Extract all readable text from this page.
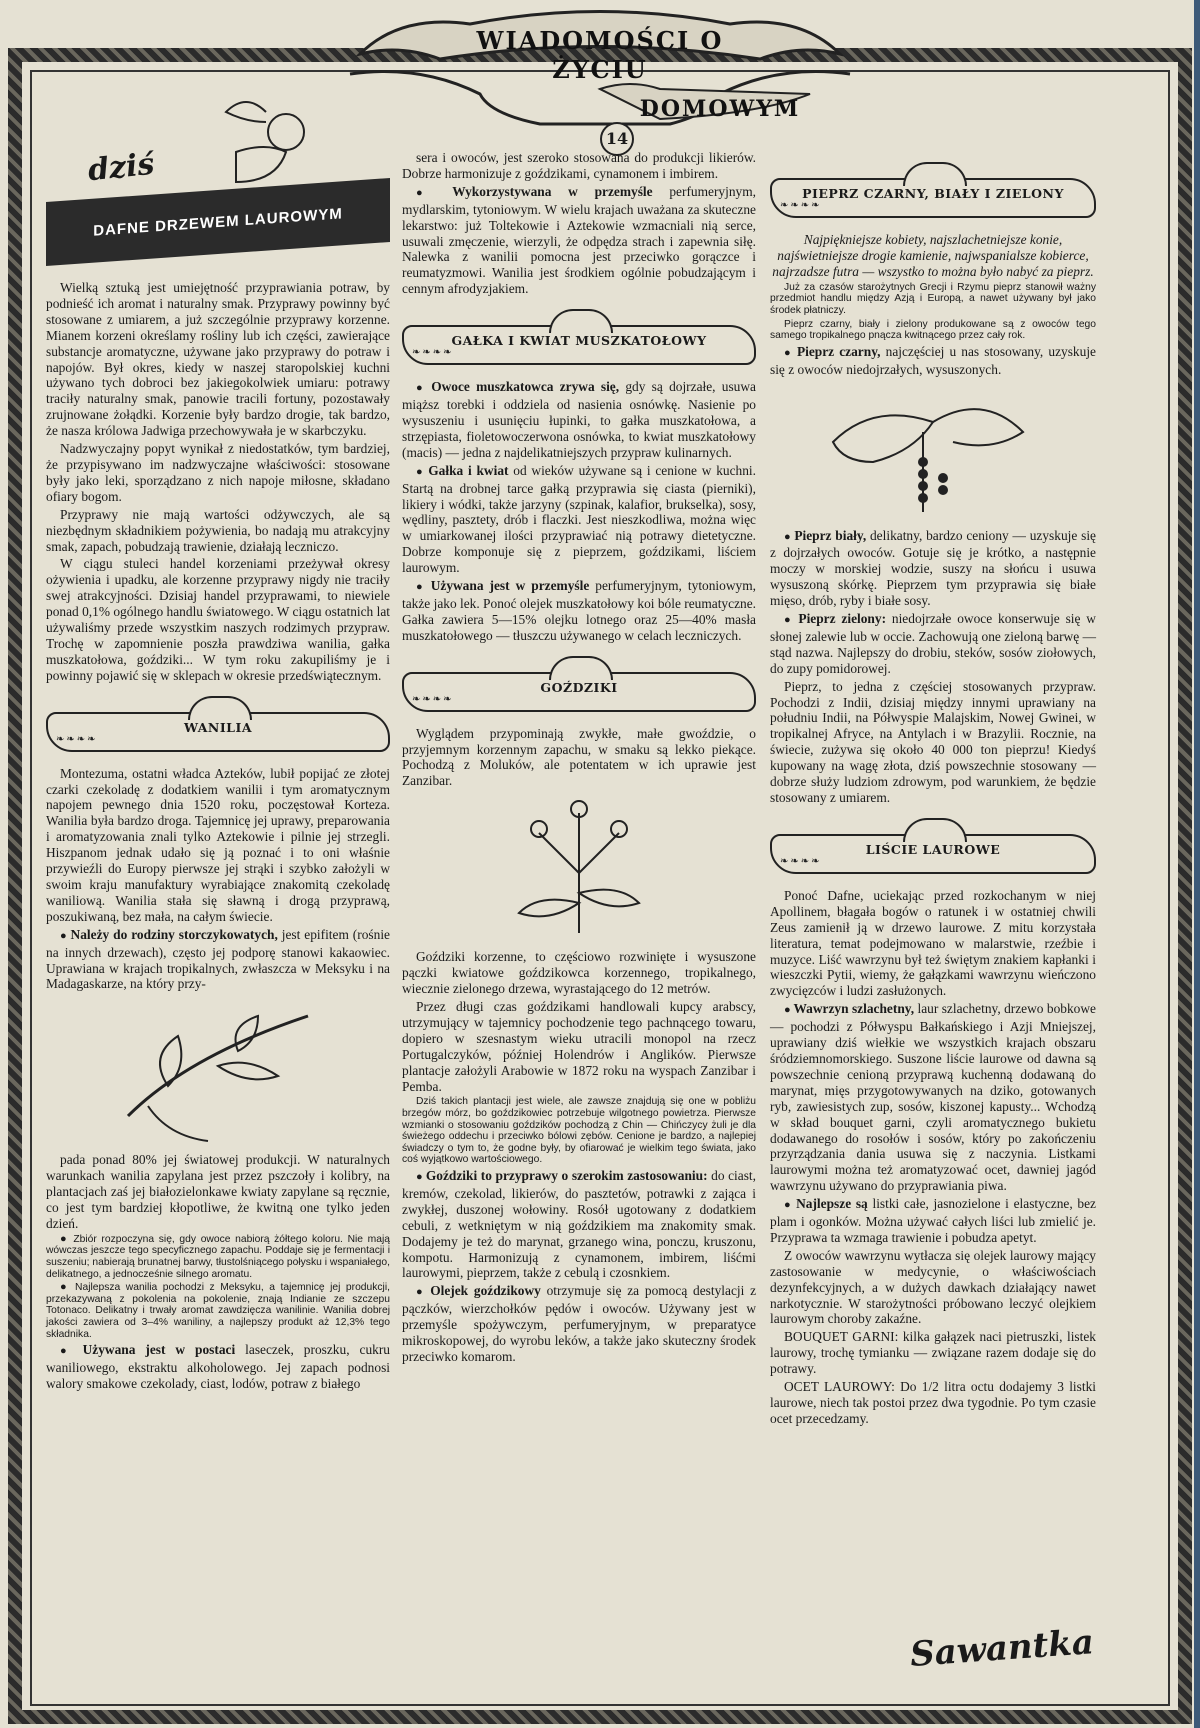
WIADOMOŚCI O ŻYCIU
DOMOWYM
14
dziś
DAFNE DRZEWEM LAUROWYM

Wielką sztuką jest umiejętność przyprawiania potraw, by podnieść ich aromat i naturalny smak. Przyprawy powinny być stosowane z umiarem, a już szczególnie przyprawy korzenne. Mianem korzeni określamy rośliny lub ich części, zawierające substancje aromatyczne, używane jako przyprawy do potraw i napojów. Był okres, kiedy w naszej staropolskiej kuchni używano tych dobroci bez jakiegokolwiek umiaru: potrawy traciły naturalny smak, panowie tracili fortuny, pozostawały zrujnowane żołądki. Korzenie były bardzo drogie, tak bardzo, że nasza królowa Jadwiga przechowywała je w skarbczyku.

Nadzwyczajny popyt wynikał z niedostatków, tym bardziej, że przypisywano im nadzwyczajne właściwości: stosowane były jako leki, sporządzano z nich napoje miłosne, składano ofiary bogom.

Przyprawy nie mają wartości odżywczych, ale są niezbędnym składnikiem pożywienia, bo nadają mu atrakcyjny smak, zapach, pobudzają trawienie, działają leczniczo.

W ciągu stuleci handel korzeniami przeżywał okresy ożywienia i upadku, ale korzenne przyprawy nigdy nie traciły swej atrakcyjności. Dzisiaj handel przyprawami, to niewiele ponad 0,1% ogólnego handlu światowego. W ciągu ostatnich lat używaliśmy przede wszystkim naszych rodzimych przypraw. Trochę w zapomnienie poszła prawdziwa wanilia, gałka muszkatołowa, goździki... W tym roku zakupiliśmy je i powinny pojawić się w sklepach w okresie przedświątecznym.

WANILIA
❧❧❧❧

Montezuma, ostatni władca Azteków, lubił popijać ze złotej czarki czekoladę z dodatkiem wanilii i tym aromatycznym napojem pewnego dnia 1520 roku, poczęstował Korteza. Wanilia była bardzo droga. Tajemnicę jej uprawy, preparowania i aromatyzowania znali tylko Aztekowie i pilnie jej strzegli. Hiszpanom jednak udało się ją poznać i to oni właśnie przywieźli do Europy pierwsze jej strąki i szybko założyli w swoim kraju manufaktury wyrabiające znakomitą czekoladę waniliową. Wanilia stała się sławną i drogą przyprawą, poszukiwaną, bez mała, na całym świecie.

● Należy do rodziny storczykowatych, jest epifitem (rośnie na innych drzewach), często jej podporę stanowi kakaowiec. Uprawiana w krajach tropikalnych, zwłaszcza w Meksyku i na Madagaskarze, na który przy-

pada ponad 80% jej światowej produkcji. W naturalnych warunkach wanilia zapylana jest przez pszczoły i kolibry, na plantacjach zaś jej białozielonkawe kwiaty zapylane są ręcznie, co jest tym bardziej kłopotliwe, że kwitną one tylko jeden dzień.

● Zbiór rozpoczyna się, gdy owoce nabiorą żółtego koloru. Nie mają wówczas jeszcze tego specyficznego zapachu. Poddaje się je fermentacji i suszeniu; nabierają brunatnej barwy, tłustolśniącego połysku i wspaniałego, delikatnego, a jednocześnie silnego aromatu.

● Najlepsza wanilia pochodzi z Meksyku, a tajemnicę jej produkcji, przekazywaną z pokolenia na pokolenie, znają Indianie ze szczepu Totonaco. Delikatny i trwały aromat zawdzięcza wanilinie. Wanilia dobrej jakości zawiera od 3–4% waniliny, a najlepszy produkt aż 12,3% tego składnika.

● Używana jest w postaci laseczek, proszku, cukru waniliowego, ekstraktu alkoholowego. Jej zapach podnosi walory smakowe czekolady, ciast, lodów, potraw z białego

sera i owoców, jest szeroko stosowana do produkcji likierów. Dobrze harmonizuje z goździkami, cynamonem i imbirem.

● Wykorzystywana w przemyśle perfumeryjnym, mydlarskim, tytoniowym. W wielu krajach uważana za skuteczne lekarstwo: już Toltekowie i Aztekowie wzmacniali nią serce, usuwali zmęczenie, wierzyli, że odpędza strach i zapewnia siłę. Nalewka z wanilii pomocna jest przeciwko gorączce i reumatyzmowi. Wanilia jest środkiem ogólnie pobudzającym i cennym afrodyzjakiem.

GAŁKA I KWIAT MUSZKATOŁOWY
❧❧❧❧

● Owoce muszkatowca zrywa się, gdy są dojrzałe, usuwa miąższ torebki i oddziela od nasienia osnówkę. Nasienie po wysuszeniu i usunięciu łupinki, to gałka muszkatołowa, a strzępiasta, fioletowoczerwona osnówka, to kwiat muszkatołowy (macis) — jedna z najdelikatniejszych przypraw kulinarnych.

● Gałka i kwiat od wieków używane są i cenione w kuchni. Startą na drobnej tarce gałką przyprawia się ciasta (pierniki), likiery i wódki, także jarzyny (szpinak, kalafior, brukselka), sosy, wędliny, pasztety, drób i flaczki. Jest nieszkodliwa, można więc w umiarkowanej ilości przyprawiać nią potrawy dietetyczne. Dobrze komponuje się z pieprzem, goździkami, liściem laurowym.

● Używana jest w przemyśle perfumeryjnym, tytoniowym, także jako lek. Ponoć olejek muszkatołowy koi bóle reumatyczne. Gałka zawiera 5—15% olejku lotnego oraz 25—40% masła muszkatołowego — tłuszczu używanego w celach leczniczych.

GOŹDZIKI
❧❧❧❧

Wyglądem przypominają zwykłe, małe gwoździe, o przyjemnym korzennym zapachu, w smaku są lekko piekące. Pochodzą z Moluków, ale potentatem w ich uprawie jest Zanzibar.

Goździki korzenne, to częściowo rozwinięte i wysuszone pączki kwiatowe goździkowca korzennego, tropikalnego, wiecznie zielonego drzewa, wyrastającego do 12 metrów.

Przez długi czas goździkami handlowali kupcy arabscy, utrzymujący w tajemnicy pochodzenie tego pachnącego towaru, dopiero w szesnastym wieku utracili monopol na rzecz Portugalczyków, później Holendrów i Anglików. Pierwsze plantacje założyli Arabowie w 1872 roku na wyspach Zanzibar i Pemba.

Dziś takich plantacji jest wiele, ale zawsze znajdują się one w pobliżu brzegów mórz, bo goździkowiec potrzebuje wilgotnego powietrza. Pierwsze wzmianki o stosowaniu goździków pochodzą z Chin — Chińczycy żuli je dla świeżego oddechu i przeciwko bólowi zębów. Cenione je bardzo, a najlepiej świadczy o tym to, że godne były, by ofiarować je wielkim tego świata, jako coś wyjątkowo wartościowego.

● Goździki to przyprawy o szerokim zastosowaniu: do ciast, kremów, czekolad, likierów, do pasztetów, potrawki z zająca i zwykłej, duszonej wołowiny. Rosół ugotowany z dodatkiem cebuli, z wetkniętym w nią goździkiem ma znakomity smak. Dodajemy je też do marynat, grzanego wina, ponczu, kruszonu, kompotu. Harmonizują z cynamonem, imbirem, liśćmi laurowymi, pieprzem, także z cebulą i czosnkiem.

● Olejek goździkowy otrzymuje się za pomocą destylacji z pączków, wierzchołków pędów i owoców. Używany jest w przemyśle spożywczym, perfumeryjnym, w preparatyce mikroskopowej, do wyrobu leków, a także jako skuteczny środek przeciwko komarom.

PIEPRZ CZARNY, BIAŁY I ZIELONY
❧❧❧❧

Najpiękniejsze kobiety, najszlachetniejsze konie, najświetniejsze drogie kamienie, najwspanialsze kobierce, najrzadsze futra — wszystko to można było nabyć za pieprz.

Już za czasów starożytnych Grecji i Rzymu pieprz stanowił ważny przedmiot handlu między Azją i Europą, a nawet używany był jako środek płatniczy.

Pieprz czarny, biały i zielony produkowane są z owoców tego samego tropikalnego pnącza kwitnącego przez cały rok.

● Pieprz czarny, najczęściej u nas stosowany, uzyskuje się z owoców niedojrzałych, wysuszonych.

● Pieprz biały, delikatny, bardzo ceniony — uzyskuje się z dojrzałych owoców. Gotuje się je krótko, a następnie moczy w morskiej wodzie, suszy na słońcu i usuwa wysuszoną skórkę. Pieprzem tym przyprawia się białe mięso, drób, ryby i białe sosy.

● Pieprz zielony: niedojrzałe owoce konserwuje się w słonej zalewie lub w occie. Zachowują one zieloną barwę — stąd nazwa. Najlepszy do drobiu, steków, sosów ziołowych, do zupy pomidorowej.

Pieprz, to jedna z częściej stosowanych przypraw. Pochodzi z Indii, dzisiaj między innymi uprawiany na południu Indii, na Półwyspie Malajskim, Nowej Gwinei, w tropikalnej Afryce, na Antylach i w Brazylii. Rocznie, na świecie, zużywa się około 40 000 ton pieprzu! Kiedyś kupowany na wagę złota, dziś powszechnie stosowany — dobrze służy ludziom zdrowym, pod warunkiem, że będzie stosowany z umiarem.

LIŚCIE LAUROWE
❧❧❧❧

Ponoć Dafne, uciekając przed rozkochanym w niej Apollinem, błagała bogów o ratunek i w ostatniej chwili Zeus zamienił ją w drzewo laurowe. Z mitu korzystała literatura, temat podejmowano w malarstwie, rzeźbie i muzyce. Liść wawrzynu był też świętym znakiem kapłanki i wieszczki Pytii, wiemy, że gałązkami wawrzynu wieńczono zwycięzców i ludzi zasłużonych.

● Wawrzyn szlachetny, laur szlachetny, drzewo bobkowe — pochodzi z Półwyspu Bałkańskiego i Azji Mniejszej, uprawiany dziś wiełkie we wszystkich krajach obszaru śródziemnomorskiego. Suszone liście laurowe od dawna są powszechnie cenioną przyprawą kuchenną dodawaną do marynat, mięs przygotowywanych na dziko, gotowanych ryb, zawiesistych zup, sosów, kiszonej kapusty... Wchodzą w skład bouquet garni, czyli aromatycznego bukietu dodawanego do rosołów i sosów, który po zakończeniu przyrządzania dania usuwa się z naczynia. Listkami laurowymi można też aromatyzować ocet, dawniej jagód wawrzynu używano do przyprawiania piwa.

● Najlepsze są listki całe, jasnozielone i elastyczne, bez plam i ogonków. Można używać całych liści lub zmielić je. Przyprawa ta wzmaga trawienie i pobudza apetyt.

Z owoców wawrzynu wytłacza się olejek laurowy mający zastosowanie w medycynie, o właściwościach dezynfekcyjnych, a w dużych dawkach działający nawet narkotycznie. W starożytności próbowano leczyć olejkiem laurowym choroby zakaźne.

BOUQUET GARNI: kilka gałązek naci pietruszki, listek laurowy, trochę tymianku — związane razem dodaje się do potrawy.

OCET LAUROWY: Do 1/2 litra octu dodajemy 3 listki laurowe, niech tak postoi przez dwa tygodnie. Po tym czasie ocet przecedzamy.

Sawantka
